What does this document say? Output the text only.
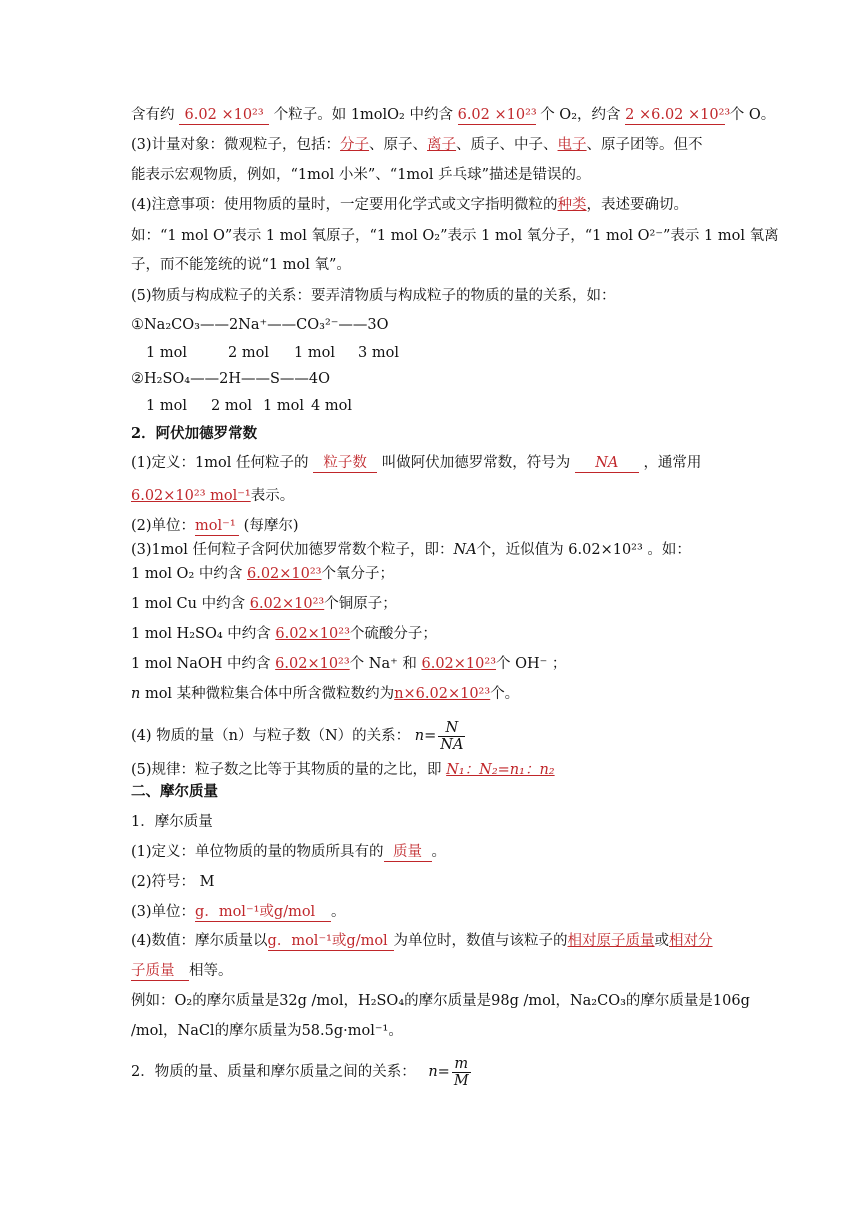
含有约 6.02 ×10²³ 个粒子。如 1molO₂ 中约含 6.02 ×10²³ 个 O₂，约含 2 ×6.02 ×10²³ 个 O。
(3)计量对象：微观粒子，包括：分子、原子、离子、质子、中子、电子、原子团等。但不
能表示宏观物质，例如，“1mol 小米”、“1mol 乒乓球”描述是错误的。
(4)注意事项：使用物质的量时，一定要用化学式或文字指明微粒的种类，表述要确切。
如：“1 mol O”表示 1 mol 氧原子，“1 mol O₂”表示 1 mol 氧分子，“1 mol O²⁻”表示 1 mol 氧离
子，而不能笼统的说“1 mol 氧”。
(5)物质与构成粒子的关系：要弄清物质与构成粒子的物质的量的关系，如：
①Na₂CO₃——2Na⁺——CO₃²⁻——3O
1 mol	2 mol 1 mol 3 mol
②H₂SO₄——2H——S——4O
1 mol 2 mol 1 mol 4 mol
2．阿伏加德罗常数
(1)定义：1mol 任何粒子的 粒子数 叫做阿伏加德罗常数，符号为 NA ，通常用
6.02×10²³ mol⁻¹表示。
(2)单位：mol⁻¹ (每摩尔)
(3)1mol 任何粒子含阿伏加德罗常数个粒子，即：NA个，近似值为 6.02×10²³ 。如：
1 mol O₂ 中约含 6.02×10²³个氧分子；
1 mol Cu 中约含 6.02×10²³个铜原子；
1 mol H₂SO₄ 中约含 6.02×10²³个硫酸分子；
1 mol NaOH 中约含 6.02×10²³个 Na⁺ 和 6.02×10²³个 OH⁻ ；
n mol 某种微粒集合体中所含微粒数约为n×6.02×10²³个。
(4) 物质的量（n）与粒子数（N）的关系： $n= \frac{N}{NA}$
(5)规律：粒子数之比等于其物质的量的之比，即 N₁：N₂=n₁：n₂
二、摩尔质量
1．摩尔质量
(1)定义：单位物质的量的物质所具有的 质量 。
(2)符号： M
(3)单位：g．mol⁻¹或g/mol 。
(4)数值：摩尔质量以g．mol⁻¹或g/mol 为单位时，数值与该粒子的相对原子质量或相对分
子质量 相等。
例如：O₂的摩尔质量是32g /mol，H₂SO₄的摩尔质量是98g /mol，Na₂CO₃的摩尔质量是106g
/mol，NaCl的摩尔质量为58.5g·mol⁻¹。
2．物质的量、质量和摩尔质量之间的关系： $n= \frac{m}{M}$
